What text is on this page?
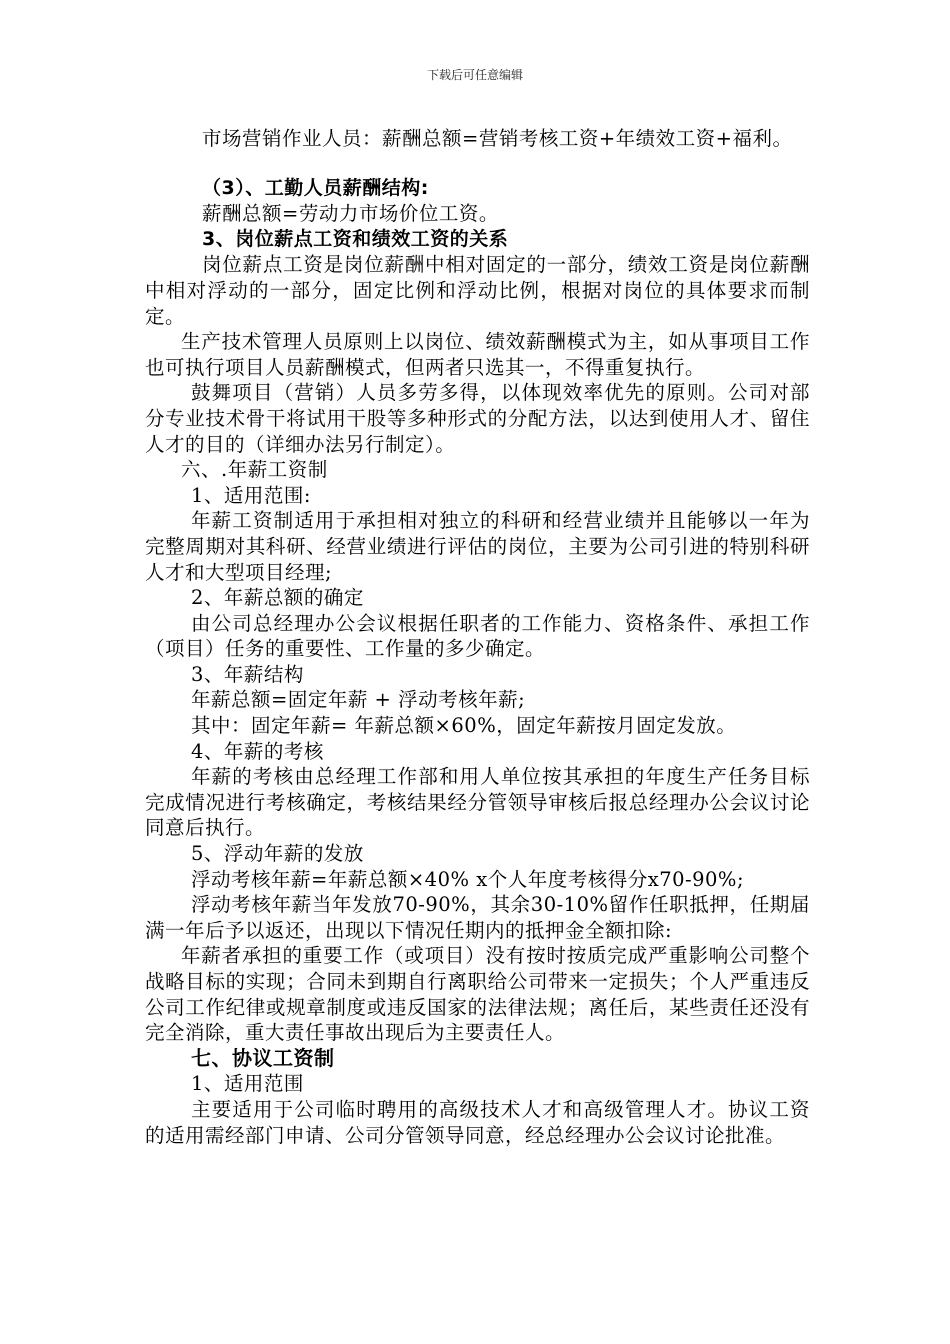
下载后可任意编辑

市场营销作业人员：薪酬总额=营销考核工资+年绩效工资+福利。

（3）、工勤人员薪酬结构:

薪酬总额=劳动力市场价位工资。

3、岗位薪点工资和绩效工资的关系

岗位薪点工资是岗位薪酬中相对固定的一部分，绩效工资是岗位薪酬中相对浮动的一部分，固定比例和浮动比例，根据对岗位的具体要求而制定。

生产技术管理人员原则上以岗位、绩效薪酬模式为主，如从事项目工作也可执行项目人员薪酬模式，但两者只选其一，不得重复执行。

鼓舞项目（营销）人员多劳多得，以体现效率优先的原则。公司对部分专业技术骨干将试用干股等多种形式的分配方法，以达到使用人才、留住人才的目的（详细办法另行制定）。

六、.年薪工资制

1、适用范围:

年薪工资制适用于承担相对独立的科研和经营业绩并且能够以一年为完整周期对其科研、经营业绩进行评估的岗位，主要为公司引进的特别科研人才和大型项目经理;

2、年薪总额的确定

由公司总经理办公会议根据任职者的工作能力、资格条件、承担工作（项目）任务的重要性、工作量的多少确定。

3、年薪结构

年薪总额=固定年薪 + 浮动考核年薪;

其中：固定年薪= 年薪总额×60%，固定年薪按月固定发放。

4、年薪的考核

年薪的考核由总经理工作部和用人单位按其承担的年度生产任务目标完成情况进行考核确定，考核结果经分管领导审核后报总经理办公会议讨论同意后执行。

5、浮动年薪的发放

浮动考核年薪=年薪总额×40% x个人年度考核得分x70-90%;

浮动考核年薪当年发放70-90%，其余30-10%留作任职抵押，任期届满一年后予以返还，出现以下情况任期内的抵押金全额扣除:

年薪者承担的重要工作（或项目）没有按时按质完成严重影响公司整个战略目标的实现；合同未到期自行离职给公司带来一定损失；个人严重违反公司工作纪律或规章制度或违反国家的法律法规；离任后，某些责任还没有完全消除，重大责任事故出现后为主要责任人。

七、协议工资制

1、适用范围

主要适用于公司临时聘用的高级技术人才和高级管理人才。协议工资的适用需经部门申请、公司分管领导同意，经总经理办公会议讨论批准。
